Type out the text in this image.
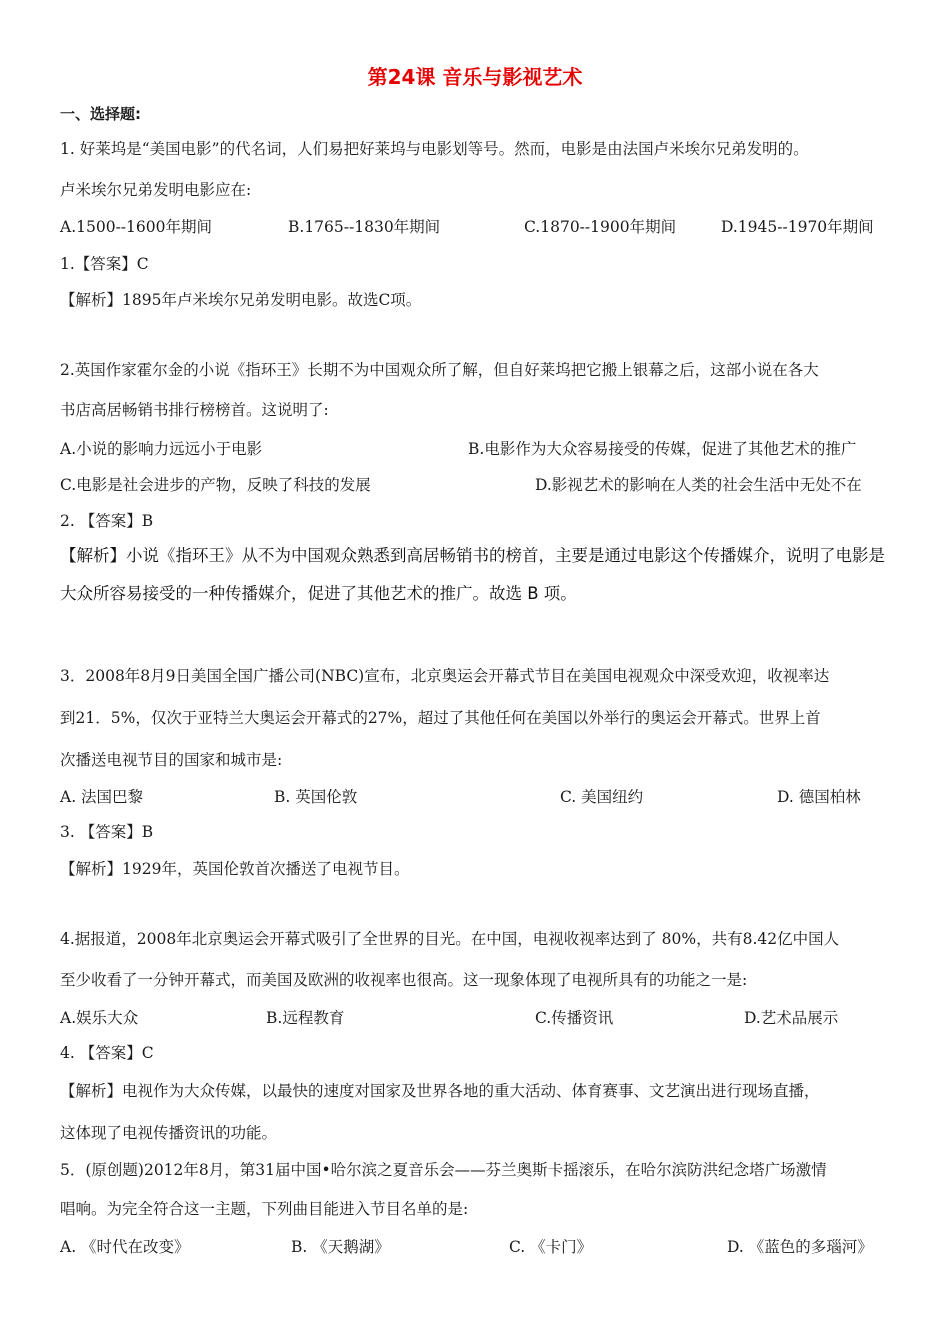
第24课 音乐与影视艺术
一、选择题:
1. 好莱坞是“美国电影”的代名词，人们易把好莱坞与电影划等号。然而，电影是由法国卢米埃尔兄弟发明的。
卢米埃尔兄弟发明电影应在:
A.1500--1600年期间	B.1765--1830年期间	C.1870--1900年期间	D.1945--1970年期间
1.【答案】C
【解析】1895年卢米埃尔兄弟发明电影。故选C项。
2.英国作家霍尔金的小说《指环王》长期不为中国观众所了解，但自好莱坞把它搬上银幕之后，这部小说在各大
书店高居畅销书排行榜榜首。这说明了:
A.小说的影响力远远小于电影	B.电影作为大众容易接受的传媒，促进了其他艺术的推广
C.电影是社会进步的产物，反映了科技的发展	D.影视艺术的影响在人类的社会生活中无处不在
2. 【答案】B
【解析】小说《指环王》从不为中国观众熟悉到高居畅销书的榜首，主要是通过电影这个传播媒介，说明了电影是
大众所容易接受的一种传播媒介，促进了其他艺术的推广。故选 B 项。
3．2008年8月9日美国全国广播公司(NBC)宣布，北京奥运会开幕式节目在美国电视观众中深受欢迎，收视率达
到21．5%，仅次于亚特兰大奥运会开幕式的27%，超过了其他任何在美国以外举行的奥运会开幕式。世界上首
次播送电视节目的国家和城市是:
A. 法国巴黎	B. 英国伦敦	C. 美国纽约	D. 德国柏林
3. 【答案】B
【解析】1929年，英国伦敦首次播送了电视节目。
4.据报道，2008年北京奥运会开幕式吸引了全世界的目光。在中国，电视收视率达到了 80%，共有8.42亿中国人
至少收看了一分钟开幕式，而美国及欧洲的收视率也很高。这一现象体现了电视所具有的功能之一是:
A.娱乐大众	B.远程教育	C.传播资讯	D.艺术品展示
4. 【答案】C
【解析】电视作为大众传媒，以最快的速度对国家及世界各地的重大活动、体育赛事、文艺演出进行现场直播，
这体现了电视传播资讯的功能。
5．(原创题)2012年8月，第31届中国•哈尔滨之夏音乐会——芬兰奥斯卡摇滚乐，在哈尔滨防洪纪念塔广场激情
唱响。为完全符合这一主题，下列曲目能进入节目名单的是:
A. 《时代在改变》	B. 《天鹅湖》	C. 《卡门》	D. 《蓝色的多瑙河》
